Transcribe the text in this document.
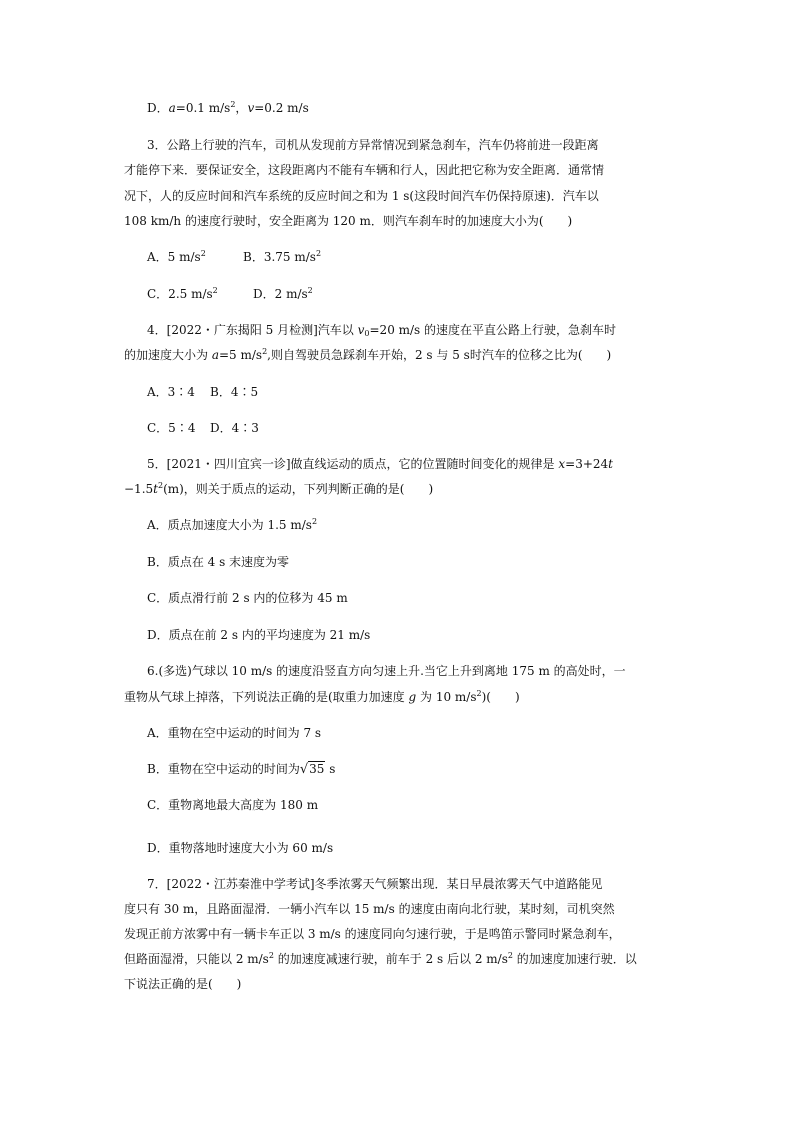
D．a=0.1 $m/s^2$，v=0.2 m/s
3．公路上行驶的汽车，司机从发现前方异常情况到紧急刹车，汽车仍将前进一段距离
才能停下来．要保证安全，这段距离内不能有车辆和行人，因此把它称为安全距离．通常情
况下，人的反应时间和汽车系统的反应时间之和为 1 s(这段时间汽车仍保持原速)．汽车以
108 km/h 的速度行驶时，安全距离为 120 m．则汽车刹车时的加速度大小为(　　)
A．5 $m/s^2$	B．3.75 $m/s^2$
C．2.5 $m/s^2$	D．2 $m/s^2$
4．[2022・广东揭阳 5 月检测]汽车以 $v_0=20$ m/s 的速度在平直公路上行驶，急刹车时
的加速度大小为 a=5 $m/s^2$,则自驾驶员急踩刹车开始，2 s 与 5 s时汽车的位移之比为(　　)
A．3∶4 B．4∶5
C．5∶4 D．4∶3
5．[2021・四川宜宾一诊]做直线运动的质点，它的位置随时间变化的规律是 x=3+24t
$-1.5t^2(m)$，则关于质点的运动，下列判断正确的是(　　)
A．质点加速度大小为 1.5 $m/s^2$
B．质点在 4 s 末速度为零
C．质点滑行前 2 s 内的位移为 45 m
D．质点在前 2 s 内的平均速度为 21 m/s
6.(多选)气球以 10 m/s 的速度沿竖直方向匀速上升.当它上升到离地 175 m 的高处时，一
重物从气球上掉落，下列说法正确的是(取重力加速度 g 为 10 $m/s^2$)(　　)
A．重物在空中运动的时间为 7 s
B．重物在空中运动的时间为√35 s
C．重物离地最大高度为 180 m
D．重物落地时速度大小为 60 m/s
7．[2022・江苏秦淮中学考试]冬季浓雾天气频繁出现．某日早晨浓雾天气中道路能见
度只有 30 m，且路面湿滑．一辆小汽车以 15 m/s 的速度由南向北行驶，某时刻，司机突然
发现正前方浓雾中有一辆卡车正以 3 m/s 的速度同向匀速行驶，于是鸣笛示警同时紧急刹车，
但路面湿滑，只能以 2 $m/s^2$ 的加速度减速行驶，前车于 2 s 后以 2 $m/s^2$ 的加速度加速行驶．以
下说法正确的是(　　)
